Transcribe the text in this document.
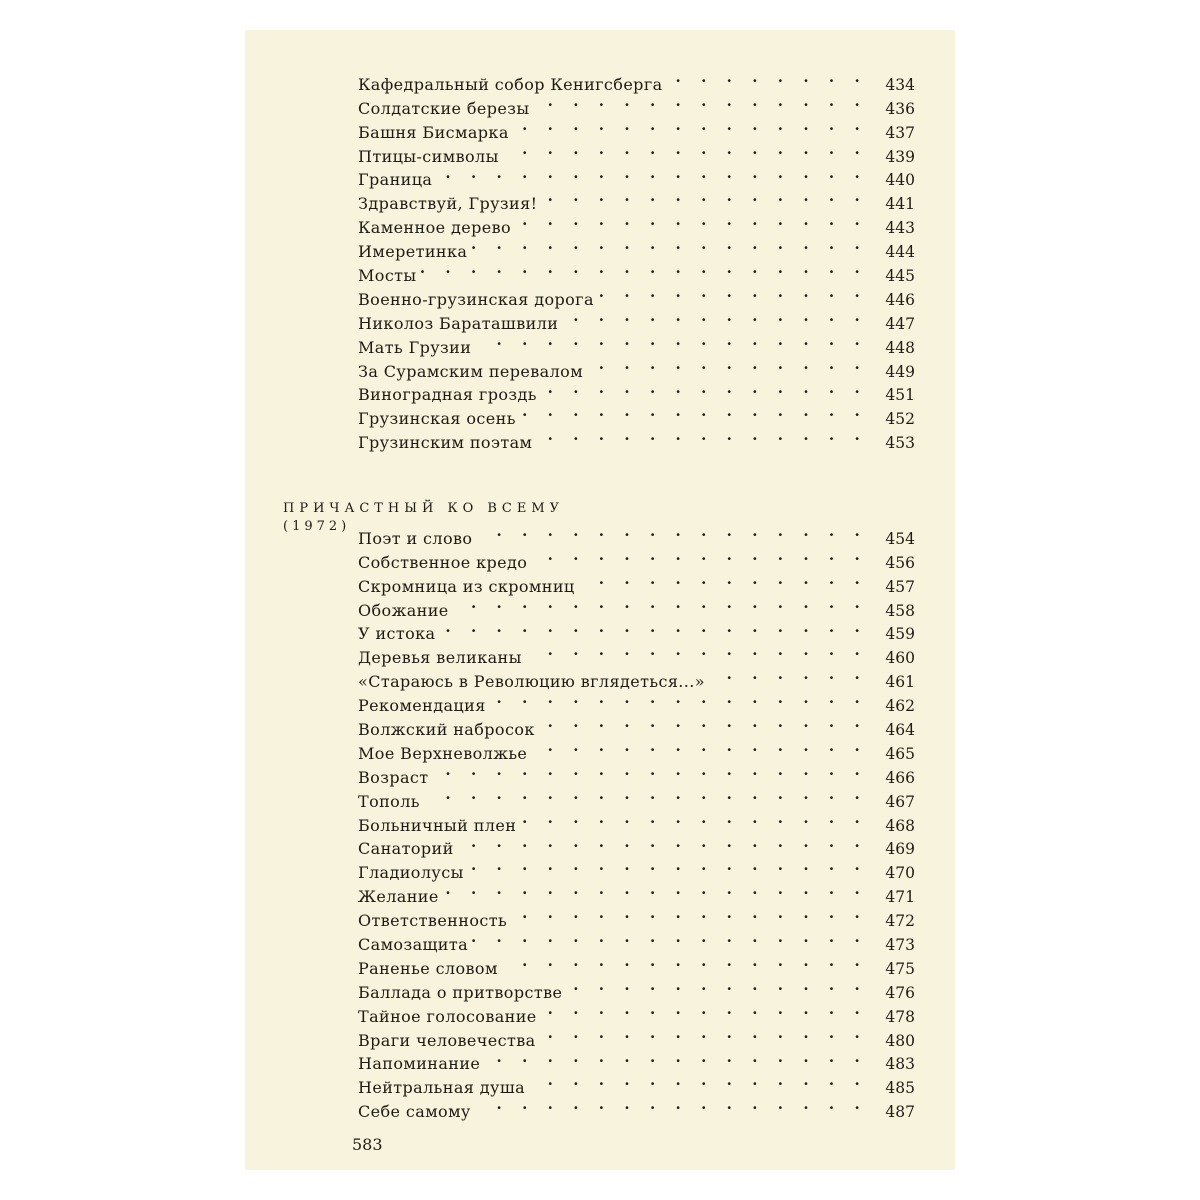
Кафедральный собор Кенигсберга . .	434
Солдатские березы . .	436
Башня Бисмарка . .	437
Птицы-символы . .	439
Граница . .	440
Здравствуй, Грузия! . .	441
Каменное дерево . .	443
Имеретинка . .	444
Мосты . .	445
Военно-грузинская дорога . .	446
Николоз Бараташвили . .	447
Мать Грузии . .	448
За Сурамским перевалом . .	449
Виноградная гроздь . .	451
Грузинская осень . .	452
Грузинским поэтам . .	453
ПРИЧАСТНЫЙ КО ВСЕМУ
(1972)
Поэт и слово . .	454
Собственное кредо . .	456
Скромница из скромниц . .	457
Обожание . .	458
У истока . .	459
Деревья великаны . .	460
«Стараюсь в Революцию вглядеться...» . .	461
Рекомендация . .	462
Волжский набросок . .	464
Мое Верхневолжье . .	465
Возраст . .	466
Тополь . .	467
Больничный плен . .	468
Санаторий . .	469
Гладиолусы . .	470
Желание . .	471
Ответственность . .	472
Самозащита . .	473
Раненье словом . .	475
Баллада о притворстве . .	476
Тайное голосование . .	478
Враги человечества . .	480
Напоминание . .	483
Нейтральная душа . .	485
Себе самому . .	487
583
